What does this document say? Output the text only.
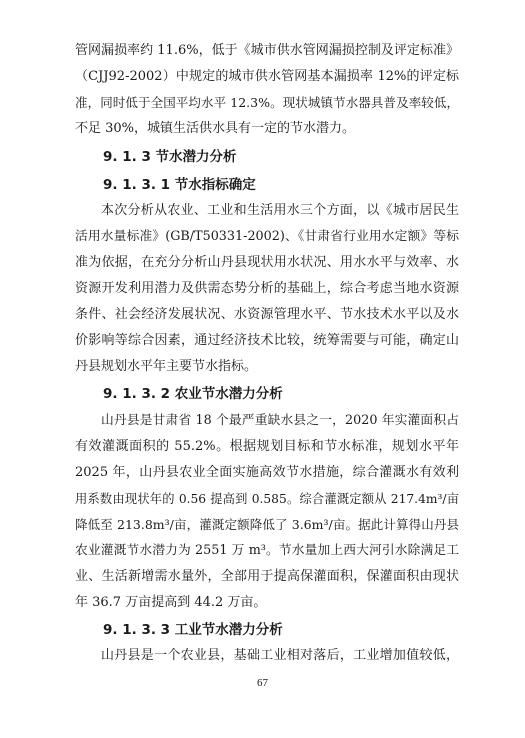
管网漏损率约 11.6%，低于《城市供水管网漏损控制及评定标准》
（CJJ92-2002）中规定的城市供水管网基本漏损率 12%的评定标
准，同时低于全国平均水平 12.3%。现状城镇节水器具普及率较低，
不足 30%，城镇生活供水具有一定的节水潜力。
9. 1. 3 节水潜力分析
9. 1. 3. 1 节水指标确定
本次分析从农业、工业和生活用水三个方面，以《城市居民生
活用水量标准》(GB/T50331-2002)、《甘肃省行业用水定额》等标
准为依据，在充分分析山丹县现状用水状况、用水水平与效率、水
资源开发利用潜力及供需态势分析的基础上，综合考虑当地水资源
条件、社会经济发展状况、水资源管理水平、节水技术水平以及水
价影响等综合因素，通过经济技术比较，统筹需要与可能，确定山
丹县规划水平年主要节水指标。
9. 1. 3. 2 农业节水潜力分析
山丹县是甘肃省 18 个最严重缺水县之一，2020 年实灌面积占
有效灌溉面积的 55.2%。根据规划目标和节水标准，规划水平年
2025 年，山丹县农业全面实施高效节水措施，综合灌溉水有效利
用系数由现状年的 0.56 提高到 0.585。综合灌溉定额从 217.4m³/亩
降低至 213.8m³/亩，灌溉定额降低了 3.6m³/亩。据此计算得山丹县
农业灌溉节水潜力为 2551 万 m³。节水量加上西大河引水除满足工
业、生活新增需水量外，全部用于提高保灌面积，保灌面积由现状
年 36.7 万亩提高到 44.2 万亩。
9. 1. 3. 3 工业节水潜力分析
山丹县是一个农业县，基础工业相对落后，工业增加值较低，
67
